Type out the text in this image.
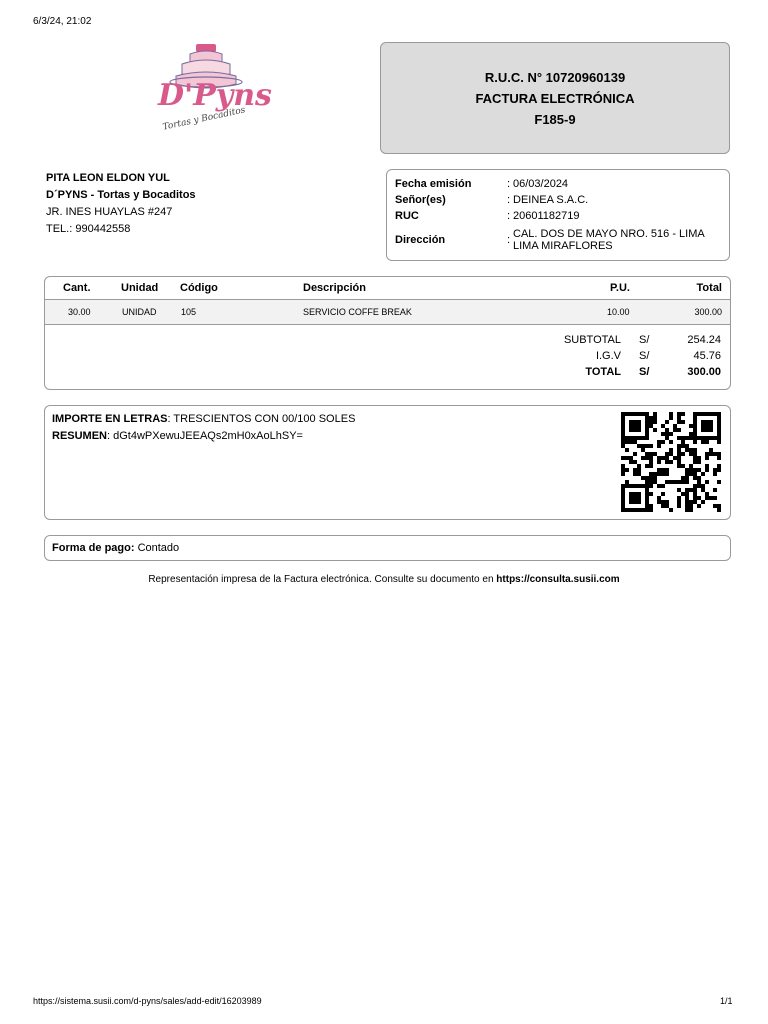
6/3/24, 21:02
D'Pyns
Tortas y Bocaditos
R.U.C. N° 10720960139
FACTURA ELECTRÓNICA
F185-9
PITA LEON ELDON YUL
D´PYNS - Tortas y Bocaditos
JR. INES HUAYLAS #247
TEL.: 990442558
Fecha emisión	: 06/03/2024
Señor(es)	: DEINEA S.A.C.
RUC	: 20601182719
Dirección	: CAL. DOS DE MAYO NRO. 516 - LIMA
LIMA MIRAFLORES
Cant.	Unidad Código	Descripción	P.U.	Total
30.00	UNIDAD	105	SERVICIO COFFE BREAK	10.00	300.00
SUBTOTAL	S/	254.24
I.G.V	S/	45.76
TOTAL	S/	300.00
IMPORTE EN LETRAS: TRESCIENTOS CON 00/100 SOLES
RESUMEN: dGt4wPXewuJEEAQs2mH0xAoLhSY=
Forma de pago: Contado
Representación impresa de la Factura electrónica. Consulte su documento en https://consulta.susii.com
https://sistema.susii.com/d-pyns/sales/add-edit/16203989	1/1
